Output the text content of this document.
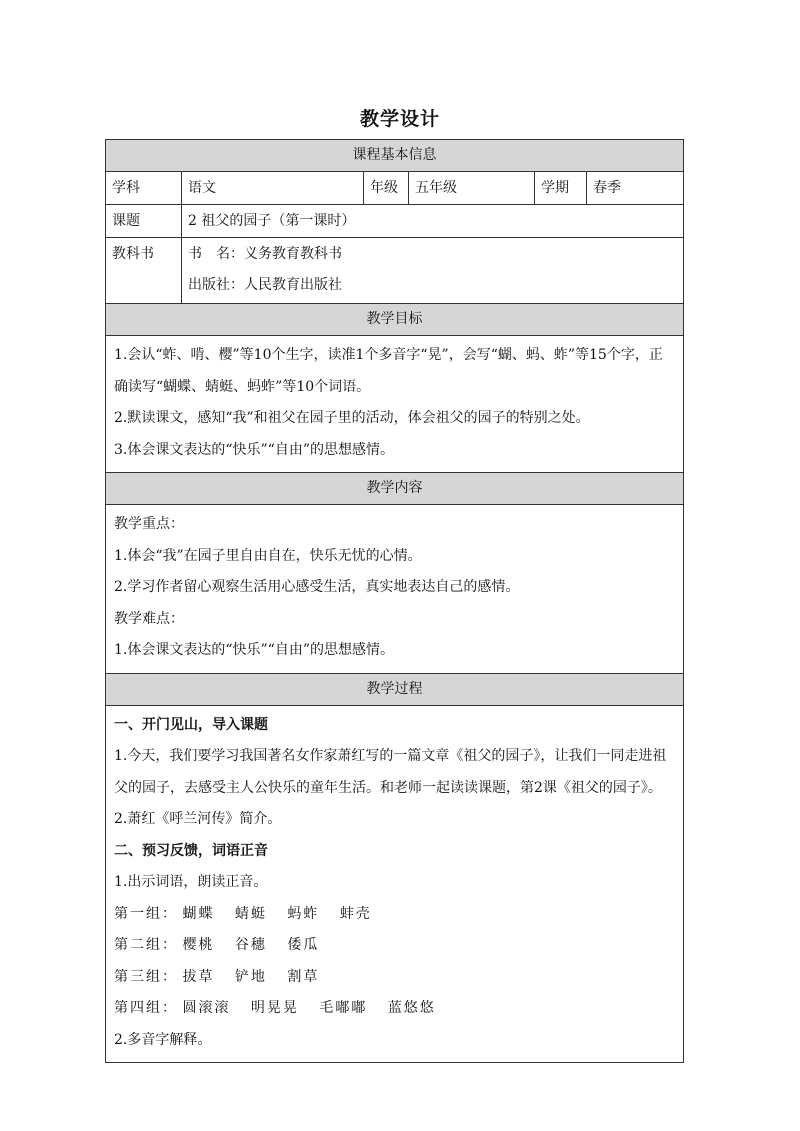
教学设计
课程基本信息
学科	语文	年级	五年级	学期	春季
课题	2 祖父的园子（第一课时）
教科书	书　名：义务教育教科书
出版社：人民教育出版社
教学目标

1.会认“蚱、啃、樱”等10个生字，读准1个多音字“晃”，会写“蝴、蚂、蚱”等15个字，正确读写“蝴蝶、蜻蜓、蚂蚱”等10个词语。

2.默读课文，感知“我”和祖父在园子里的活动，体会祖父的园子的特别之处。

3.体会课文表达的“快乐”“自由”的思想感情。

教学内容

教学重点：

1.体会“我”在园子里自由自在，快乐无忧的心情。

2.学习作者留心观察生活用心感受生活，真实地表达自己的感情。

教学难点：

1.体会课文表达的“快乐”“自由”的思想感情。

教学过程

一、开门见山，导入课题

1.今天，我们要学习我国著名女作家萧红写的一篇文章《祖父的园子》，让我们一同走进祖父的园子，去感受主人公快乐的童年生活。和老师一起读读课题，第2课《祖父的园子》。

2.萧红《呼兰河传》简介。

二、预习反馈，词语正音

1.出示词语，朗读正音。

第一组： 蝴蝶 蜻蜓 蚂蚱 蚌壳

第二组： 樱桃 谷穗 倭瓜

第三组： 拔草 铲地 割草

第四组： 圆滚滚 明晃晃 毛嘟嘟 蓝悠悠

2.多音字解释。
